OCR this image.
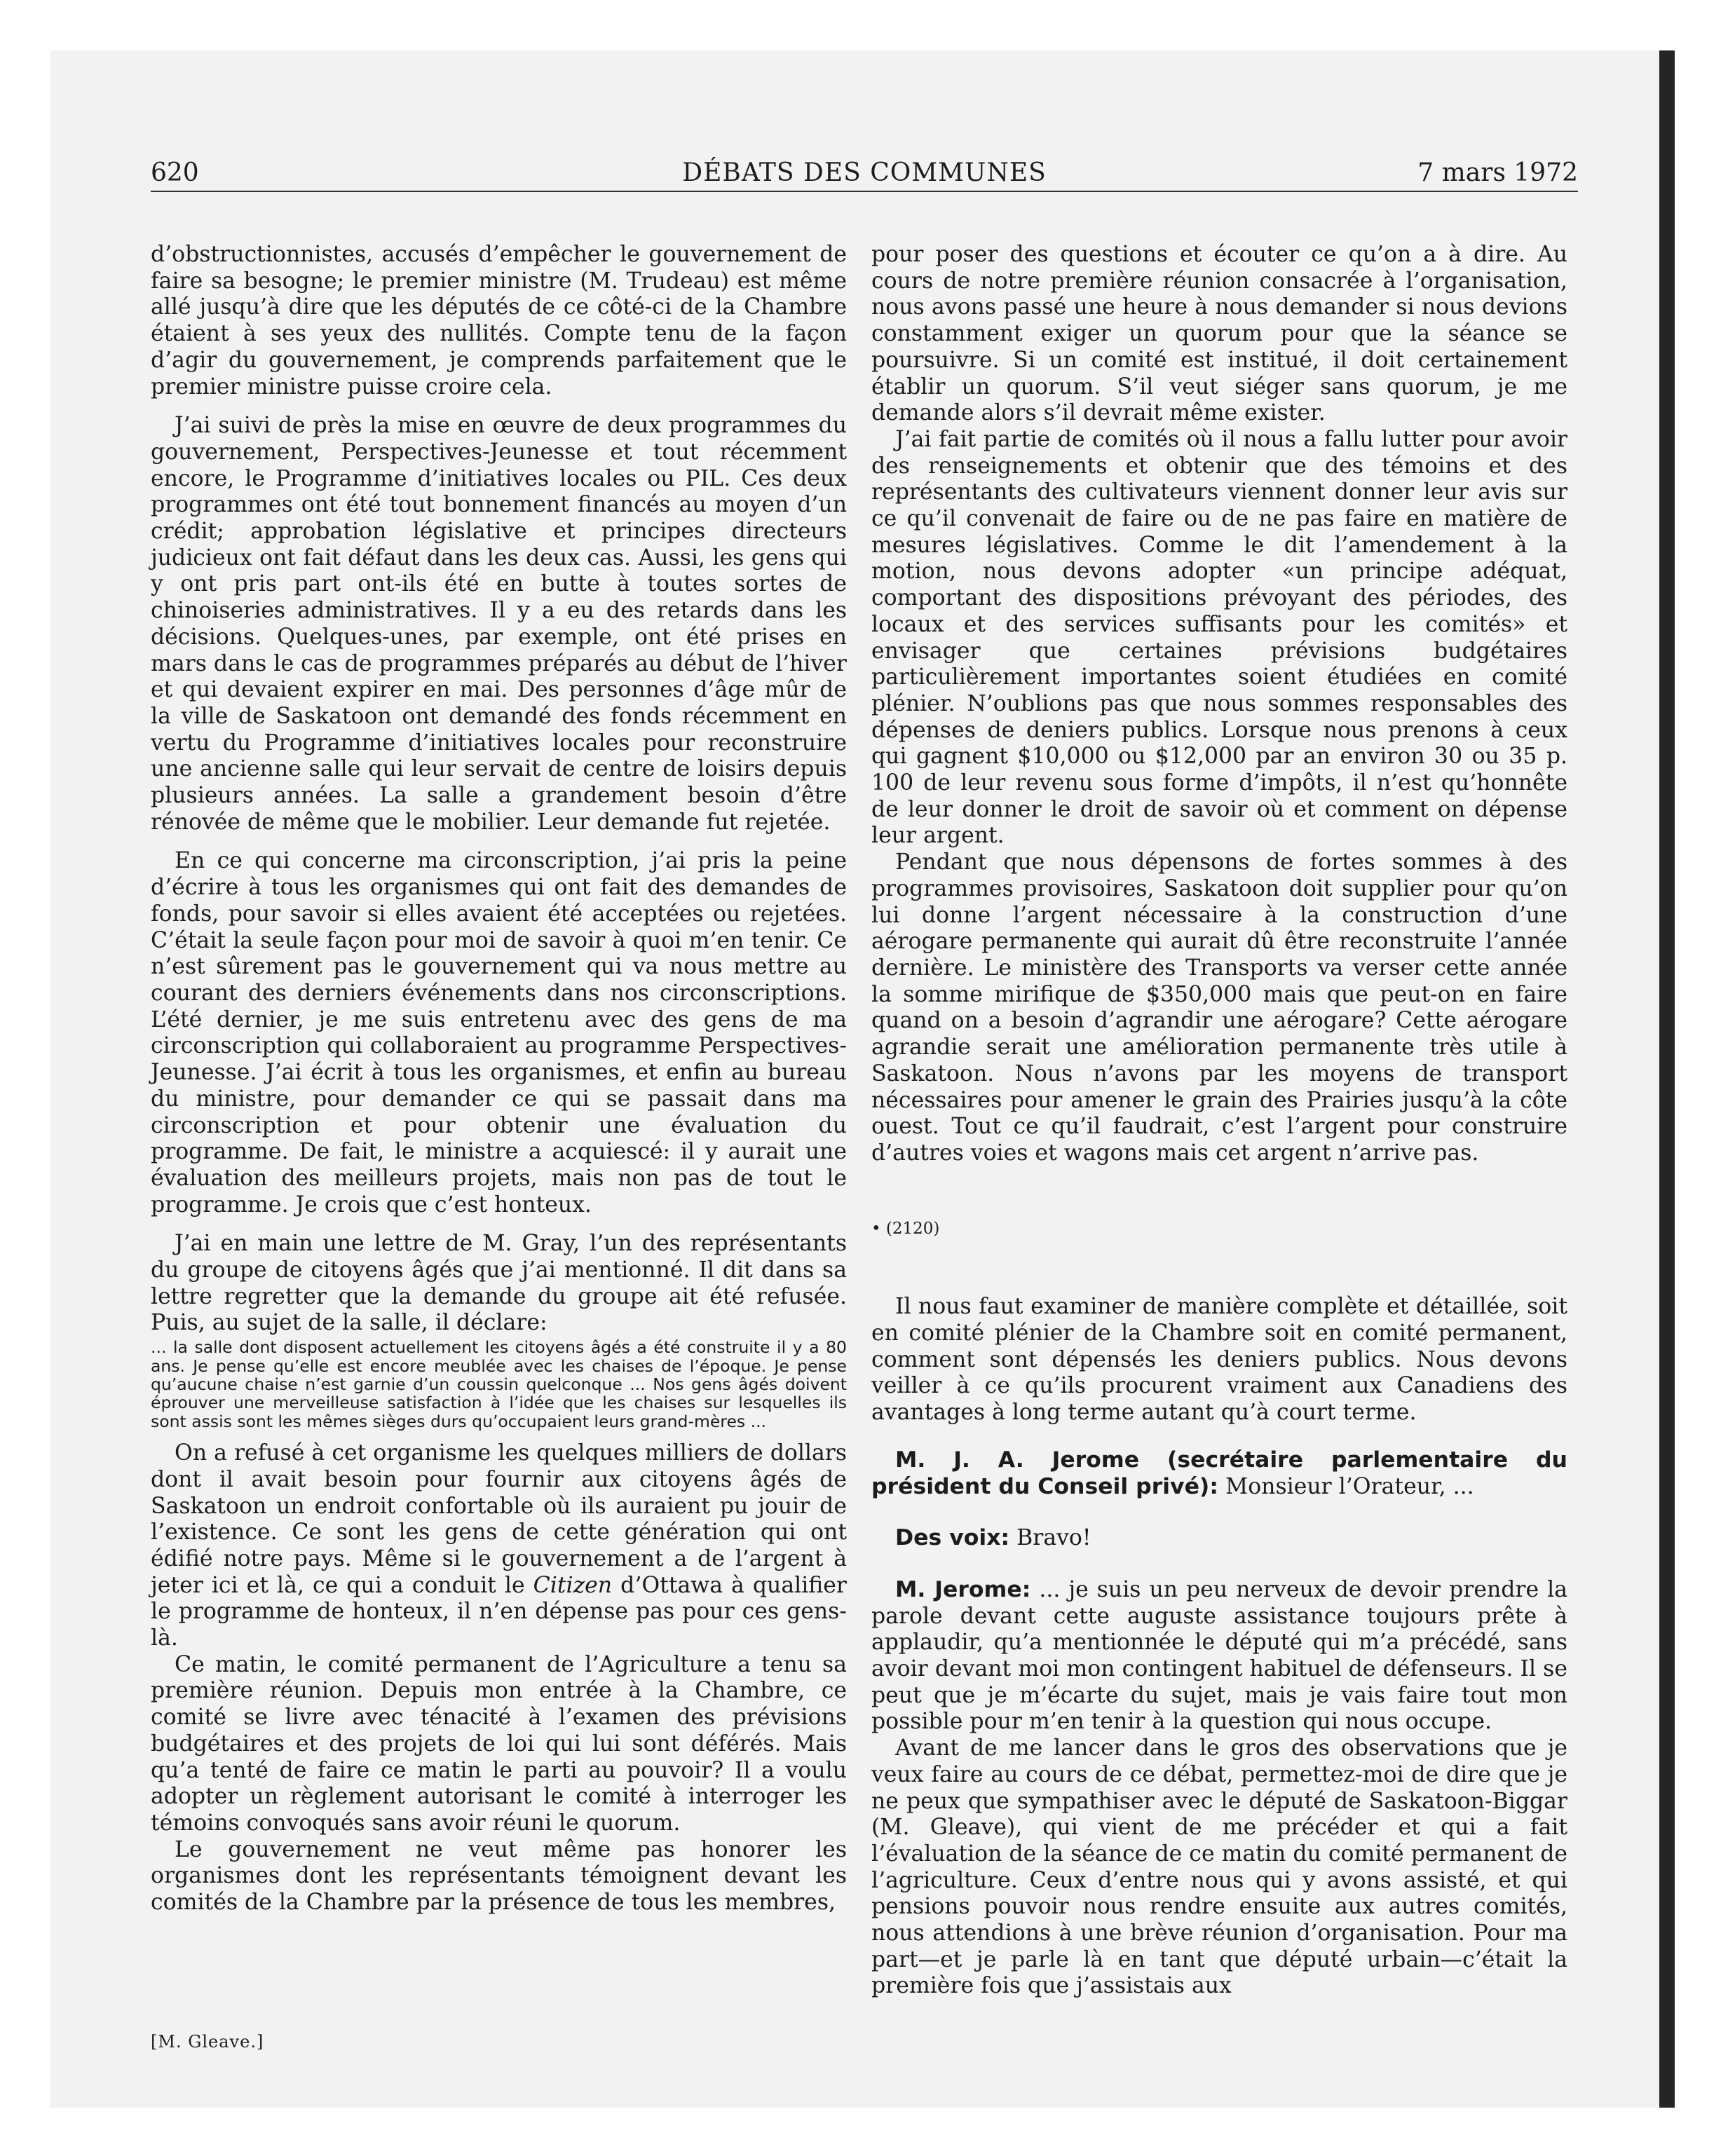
620	DÉBATS DES COMMUNES	7 mars 1972

d’obstructionnistes, accusés d’empêcher le gouvernement de faire sa besogne; le premier ministre (M. Trudeau) est même allé jusqu’à dire que les députés de ce côté-ci de la Chambre étaient à ses yeux des nullités. Compte tenu de la façon d’agir du gouvernement, je comprends parfaitement que le premier ministre puisse croire cela.

J’ai suivi de près la mise en œuvre de deux programmes du gouvernement, Perspectives-Jeunesse et tout récemment encore, le Programme d’initiatives locales ou PIL. Ces deux programmes ont été tout bonnement financés au moyen d’un crédit; approbation législative et principes directeurs judicieux ont fait défaut dans les deux cas. Aussi, les gens qui y ont pris part ont-ils été en butte à toutes sortes de chinoiseries administratives. Il y a eu des retards dans les décisions. Quelques-unes, par exemple, ont été prises en mars dans le cas de programmes préparés au début de l’hiver et qui devaient expirer en mai. Des personnes d’âge mûr de la ville de Saskatoon ont demandé des fonds récemment en vertu du Programme d’initiatives locales pour reconstruire une ancienne salle qui leur servait de centre de loisirs depuis plusieurs années. La salle a grandement besoin d’être rénovée de même que le mobilier. Leur demande fut rejetée.

En ce qui concerne ma circonscription, j’ai pris la peine d’écrire à tous les organismes qui ont fait des demandes de fonds, pour savoir si elles avaient été acceptées ou rejetées. C’était la seule façon pour moi de savoir à quoi m’en tenir. Ce n’est sûrement pas le gouvernement qui va nous mettre au courant des derniers événements dans nos circonscriptions. L’été dernier, je me suis entretenu avec des gens de ma circonscription qui collaboraient au programme Perspectives-Jeunesse. J’ai écrit à tous les organismes, et enfin au bureau du ministre, pour demander ce qui se passait dans ma circonscription et pour obtenir une évaluation du programme. De fait, le ministre a acquiescé: il y aurait une évaluation des meilleurs projets, mais non pas de tout le programme. Je crois que c’est honteux.

J’ai en main une lettre de M. Gray, l’un des représentants du groupe de citoyens âgés que j’ai mentionné. Il dit dans sa lettre regretter que la demande du groupe ait été refusée. Puis, au sujet de la salle, il déclare:

... la salle dont disposent actuellement les citoyens âgés a été construite il y a 80 ans. Je pense qu’elle est encore meublée avec les chaises de l’époque. Je pense qu’aucune chaise n’est garnie d’un coussin quelconque ... Nos gens âgés doivent éprouver une merveilleuse satisfaction à l’idée que les chaises sur lesquelles ils sont assis sont les mêmes sièges durs qu’occupaient leurs grand-mères ...

On a refusé à cet organisme les quelques milliers de dollars dont il avait besoin pour fournir aux citoyens âgés de Saskatoon un endroit confortable où ils auraient pu jouir de l’existence. Ce sont les gens de cette génération qui ont édifié notre pays. Même si le gouvernement a de l’argent à jeter ici et là, ce qui a conduit le Citizen d’Ottawa à qualifier le programme de honteux, il n’en dépense pas pour ces gens-là.

Ce matin, le comité permanent de l’Agriculture a tenu sa première réunion. Depuis mon entrée à la Chambre, ce comité se livre avec ténacité à l’examen des prévisions budgétaires et des projets de loi qui lui sont déférés. Mais qu’a tenté de faire ce matin le parti au pouvoir? Il a voulu adopter un règlement autorisant le comité à interroger les témoins convoqués sans avoir réuni le quorum.

Le gouvernement ne veut même pas honorer les organismes dont les représentants témoignent devant les comités de la Chambre par la présence de tous les membres,

pour poser des questions et écouter ce qu’on a à dire. Au cours de notre première réunion consacrée à l’organisation, nous avons passé une heure à nous demander si nous devions constamment exiger un quorum pour que la séance se poursuivre. Si un comité est institué, il doit certainement établir un quorum. S’il veut siéger sans quorum, je me demande alors s’il devrait même exister.

J’ai fait partie de comités où il nous a fallu lutter pour avoir des renseignements et obtenir que des témoins et des représentants des cultivateurs viennent donner leur avis sur ce qu’il convenait de faire ou de ne pas faire en matière de mesures législatives. Comme le dit l’amendement à la motion, nous devons adopter «un principe adéquat, comportant des dispositions prévoyant des périodes, des locaux et des services suffisants pour les comités» et envisager que certaines prévisions budgétaires particulièrement importantes soient étudiées en comité plénier. N’oublions pas que nous sommes responsables des dépenses de deniers publics. Lorsque nous prenons à ceux qui gagnent $10,000 ou $12,000 par an environ 30 ou 35 p. 100 de leur revenu sous forme d’impôts, il n’est qu’honnête de leur donner le droit de savoir où et comment on dépense leur argent.

Pendant que nous dépensons de fortes sommes à des programmes provisoires, Saskatoon doit supplier pour qu’on lui donne l’argent nécessaire à la construction d’une aérogare permanente qui aurait dû être reconstruite l’année dernière. Le ministère des Transports va verser cette année la somme mirifique de $350,000 mais que peut-on en faire quand on a besoin d’agrandir une aérogare? Cette aérogare agrandie serait une amélioration permanente très utile à Saskatoon. Nous n’avons par les moyens de transport nécessaires pour amener le grain des Prairies jusqu’à la côte ouest. Tout ce qu’il faudrait, c’est l’argent pour construire d’autres voies et wagons mais cet argent n’arrive pas.

• (2120)

Il nous faut examiner de manière complète et détaillée, soit en comité plénier de la Chambre soit en comité permanent, comment sont dépensés les deniers publics. Nous devons veiller à ce qu’ils procurent vraiment aux Canadiens des avantages à long terme autant qu’à court terme.

M. J. A. Jerome (secrétaire parlementaire du président du Conseil privé): Monsieur l’Orateur, ...

Des voix: Bravo!

M. Jerome: ... je suis un peu nerveux de devoir prendre la parole devant cette auguste assistance toujours prête à applaudir, qu’a mentionnée le député qui m’a précédé, sans avoir devant moi mon contingent habituel de défenseurs. Il se peut que je m’écarte du sujet, mais je vais faire tout mon possible pour m’en tenir à la question qui nous occupe.

Avant de me lancer dans le gros des observations que je veux faire au cours de ce débat, permettez-moi de dire que je ne peux que sympathiser avec le député de Saskatoon-Biggar (M. Gleave), qui vient de me précéder et qui a fait l’évaluation de la séance de ce matin du comité permanent de l’agriculture. Ceux d’entre nous qui y avons assisté, et qui pensions pouvoir nous rendre ensuite aux autres comités, nous attendions à une brève réunion d’organisation. Pour ma part—et je parle là en tant que député urbain—c’était la première fois que j’assistais aux

[M. Gleave.]
